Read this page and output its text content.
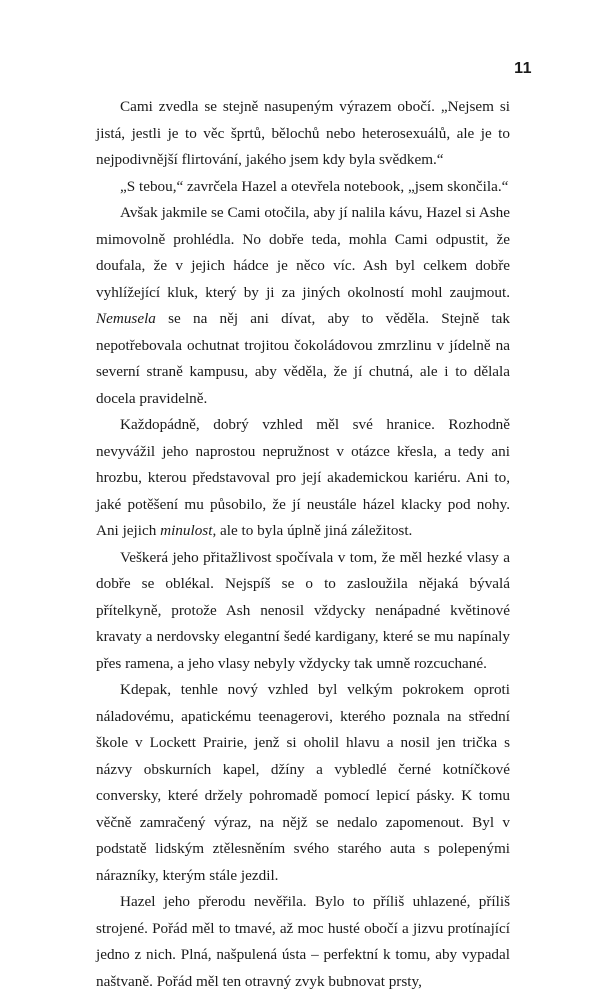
11

Cami zvedla se stejně nasupeným výrazem obočí. „Nejsem si jistá, jestli je to věc šprtů, bělochů nebo heterosexuálů, ale je to nejpodivnější flirtování, jakého jsem kdy byla svědkem.“

„S tebou,“ zavrčela Hazel a otevřela notebook, „jsem skončila.“

Avšak jakmile se Cami otočila, aby jí nalila kávu, Hazel si Ashe mimovolně prohlédla. No dobře teda, mohla Cami odpustit, že doufala, že v jejich hádce je něco víc. Ash byl celkem dobře vyhlížející kluk, který by ji za jiných okolností mohl zaujmout. Nemusela se na něj ani dívat, aby to věděla. Stejně tak nepotřebovala ochutnat trojitou čokoládovou zmrzlinu v jídelně na severní straně kampusu, aby věděla, že jí chutná, ale i to dělala docela pravidelně.

Každopádně, dobrý vzhled měl své hranice. Rozhodně nevyvážil jeho naprostou nepružnost v otázce křesla, a tedy ani hrozbu, kterou představoval pro její akademickou kariéru. Ani to, jaké potěšení mu působilo, že jí neustále házel klacky pod nohy. Ani jejich minulost, ale to byla úplně jiná záležitost.

Veškerá jeho přitažlivost spočívala v tom, že měl hezké vlasy a dobře se oblékal. Nejspíš se o to zasloužila nějaká bývalá přítelkyně, protože Ash nenosil vždycky nenápadné květinové kravaty a nerdovsky elegantní šedé kardigany, které se mu napínaly přes ramena, a jeho vlasy nebyly vždycky tak umně rozcuchané.

Kdepak, tenhle nový vzhled byl velkým pokrokem oproti náladovému, apatickému teenagerovi, kterého poznala na střední škole v Lockett Prairie, jenž si oholil hlavu a nosil jen trička s názvy obskurních kapel, džíny a vybledlé černé kotníčkové conversky, které držely pohromadě pomocí lepicí pásky. K tomu věčně zamračený výraz, na nějž se nedalo zapomenout. Byl v podstatě lidským ztělesněním svého starého auta s polepenými nárazníky, kterým stále jezdil.

Hazel jeho přerodu nevěřila. Bylo to příliš uhlazené, příliš strojené. Pořád měl to tmavé, až moc husté obočí a jizvu protínající jedno z nich. Plná, našpulená ústa – perfektní k tomu, aby vypadal naštvaně. Pořád měl ten otravný zvyk bubnovat prsty,
